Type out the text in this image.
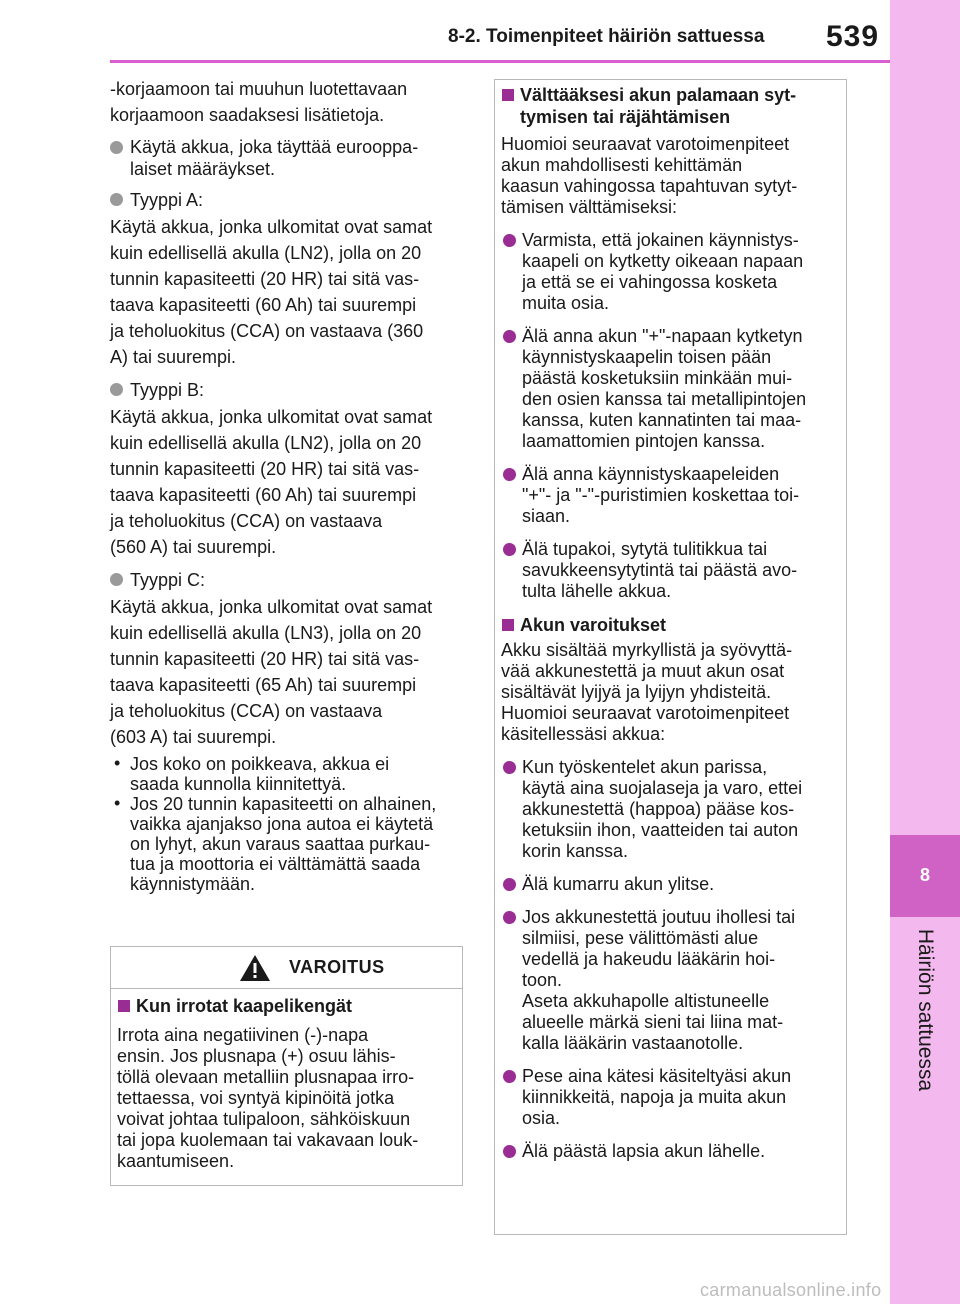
8-2. Toimenpiteet häiriön sattuessa 539
8
Häiriön sattuessa
-korjaamoon tai muuhun luotettavaan
korjaamoon saadaksesi lisätietoja.
Käytä akkua, joka täyttää eurooppa-
laiset määräykset.
Tyyppi A:
Käytä akkua, jonka ulkomitat ovat samat
kuin edellisellä akulla (LN2), jolla on 20
tunnin kapasiteetti (20 HR) tai sitä vas-
taava kapasiteetti (60 Ah) tai suurempi
ja teholuokitus (CCA) on vastaava (360
A) tai suurempi.
Tyyppi B:
Käytä akkua, jonka ulkomitat ovat samat
kuin edellisellä akulla (LN2), jolla on 20
tunnin kapasiteetti (20 HR) tai sitä vas-
taava kapasiteetti (60 Ah) tai suurempi
ja teholuokitus (CCA) on vastaava
(560 A) tai suurempi.
Tyyppi C:
Käytä akkua, jonka ulkomitat ovat samat
kuin edellisellä akulla (LN3), jolla on 20
tunnin kapasiteetti (20 HR) tai sitä vas-
taava kapasiteetti (65 Ah) tai suurempi
ja teholuokitus (CCA) on vastaava
(603 A) tai suurempi.
• Jos koko on poikkeava, akkua ei
saada kunnolla kiinnitettyä.
• Jos 20 tunnin kapasiteetti on alhainen,
vaikka ajanjakso jona autoa ei käytetä
on lyhyt, akun varaus saattaa purkau-
tua ja moottoria ei välttämättä saada
käynnistymään.
VAROITUS
Kun irrotat kaapelikengät
Irrota aina negatiivinen (-)-napa
ensin. Jos plusnapa (+) osuu lähis-
töllä olevaan metalliin plusnapaa irro-
tettaessa, voi syntyä kipinöitä jotka
voivat johtaa tulipaloon, sähköiskuun
tai jopa kuolemaan tai vakavaan louk-
kaantumiseen.
Välttääksesi akun palamaan syt-
tymisen tai räjähtämisen
Huomioi seuraavat varotoimenpiteet
akun mahdollisesti kehittämän
kaasun vahingossa tapahtuvan sytyt-
tämisen välttämiseksi:
Varmista, että jokainen käynnistys-
kaapeli on kytketty oikeaan napaan
ja että se ei vahingossa kosketa
muita osia.
Älä anna akun "+"-napaan kytketyn
käynnistyskaapelin toisen pään
päästä kosketuksiin minkään mui-
den osien kanssa tai metallipintojen
kanssa, kuten kannatinten tai maa-
laamattomien pintojen kanssa.
Älä anna käynnistyskaapeleiden
"+"- ja "-"-puristimien koskettaa toi-
siaan.
Älä tupakoi, sytytä tulitikkua tai
savukkeensytytintä tai päästä avo-
tulta lähelle akkua.
Akun varoitukset
Akku sisältää myrkyllistä ja syövyttä-
vää akkunestettä ja muut akun osat
sisältävät lyijyä ja lyijyn yhdisteitä.
Huomioi seuraavat varotoimenpiteet
käsitellessäsi akkua:
Kun työskentelet akun parissa,
käytä aina suojalaseja ja varo, ettei
akkunestettä (happoa) pääse kos-
ketuksiin ihon, vaatteiden tai auton
korin kanssa.
Älä kumarru akun ylitse.
Jos akkunestettä joutuu ihollesi tai
silmiisi, pese välittömästi alue
vedellä ja hakeudu lääkärin hoi-
toon.
Aseta akkuhapolle altistuneelle
alueelle märkä sieni tai liina mat-
kalla lääkärin vastaanotolle.
Pese aina kätesi käsiteltyäsi akun
kiinnikkeitä, napoja ja muita akun
osia.
Älä päästä lapsia akun lähelle.
carmanualsonline.info
